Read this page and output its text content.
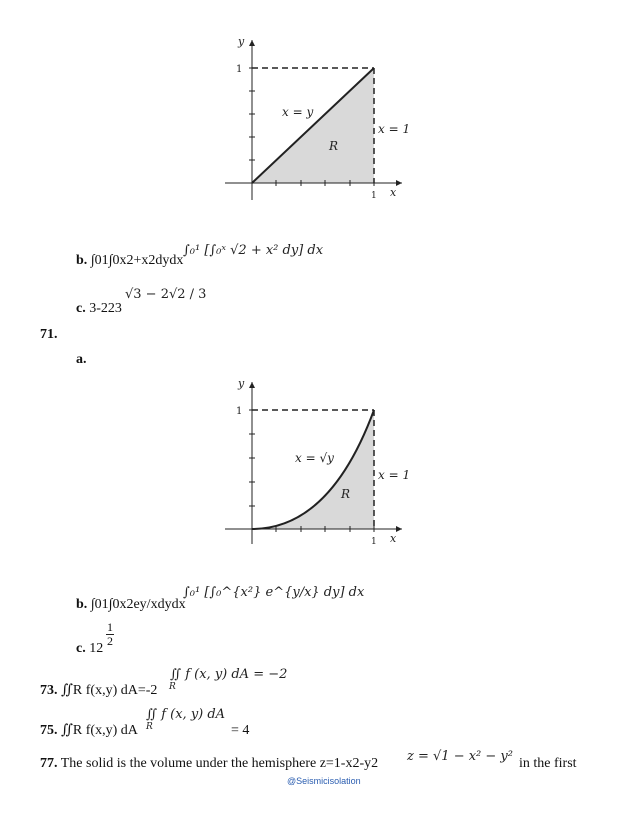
y
x
1
1
x = y
x = 1
R
b. ∫01∫0x2+x2dydx
∫₀¹ [∫₀ˣ √2 + x² dy] dx
c. 3-223
√3 − 2√2 / 3
71.
a.
y
x
1
1
x = √y
x = 1
R
b. ∫01∫0x2ey/xdydx
∫₀¹ [∫₀^{x²} e^{y/x} dy] dx
c. 12
$\frac{1}{2}$
∬ f (x, y) dA = −2
73. ∬R f(x,y) dA=-2 R
∬ f (x, y) dA
75. ∬R f(x,y) dA R	= 4
77. The solid is the volume under the hemisphere z=1-x2-y2 z = √1 − x² − y² in the first
@Seismicisolation
